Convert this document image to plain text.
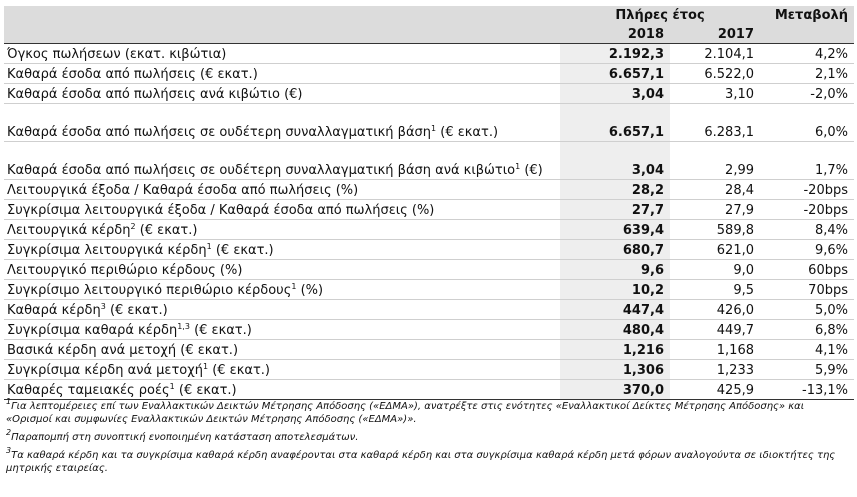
	Πλήρες έτος		Μεταβολή
	2018	2017	
Όγκος πωλήσεων (εκατ. κιβώτια)	2.192,3	2.104,1	4,2%
Καθαρά έσοδα από πωλήσεις (€ εκατ.)	6.657,1	6.522,0	2,1%
Καθαρά έσοδα από πωλήσεις ανά κιβώτιο (€)	3,04	3,10	-2,0%
Καθαρά έσοδα από πωλήσεις σε ουδέτερη συναλλαγματική βάση$^1$ (€ εκατ.)	6.657,1	6.283,1	6,0%
Καθαρά έσοδα από πωλήσεις σε ουδέτερη συναλλαγματική βάση ανά κιβώτιο$^1$ (€)	3,04	2,99	1,7%
Λειτουργικά έξοδα / Καθαρά έσοδα από πωλήσεις (%)	28,2	28,4	-20bps
Συγκρίσιμα λειτουργικά έξοδα / Καθαρά έσοδα από πωλήσεις (%)	27,7	27,9	-20bps
Λειτουργικά κέρδη$^2$ (€ εκατ.)	639,4	589,8	8,4%
Συγκρίσιμα λειτουργικά κέρδη$^1$ (€ εκατ.)	680,7	621,0	9,6%
Λειτουργικό περιθώριο κέρδους (%)	9,6	9,0	60bps
Συγκρίσιμο λειτουργικό περιθώριο κέρδους$^1$ (%)	10,2	9,5	70bps
Καθαρά κέρδη$^3$ (€ εκατ.)	447,4	426,0	5,0%
Συγκρίσιμα καθαρά κέρδη$^{1,3}$ (€ εκατ.)	480,4	449,7	6,8%
Βασικά κέρδη ανά μετοχή (€ εκατ.)	1,216	1,168	4,1%
Συγκρίσιμα κέρδη ανά μετοχή$^1$ (€ εκατ.)	1,306	1,233	5,9%
Καθαρές ταμειακές ροές$^1$ (€ εκατ.)	370,0	425,9	-13,1%

$^1$Για λεπτομέρειες επί των Εναλλακτικών Δεικτών Μέτρησης Απόδοσης («ΕΔΜΑ»), ανατρέξτε στις ενότητες «Εναλλακτικοί Δείκτες Μέτρησης Απόδοσης» και «Ορισμοί και συμφωνίες Εναλλακτικών Δεικτών Μέτρησης Απόδοσης («ΕΔΜΑ»)».

$^2$Παραπομπή στη συνοπτική ενοποιημένη κατάσταση αποτελεσμάτων.

$^3$Τα καθαρά κέρδη και τα συγκρίσιμα καθαρά κέρδη αναφέρονται στα καθαρά κέρδη και στα συγκρίσιμα καθαρά κέρδη μετά φόρων αναλογούντα σε ιδιοκτήτες της μητρικής εταιρείας.
